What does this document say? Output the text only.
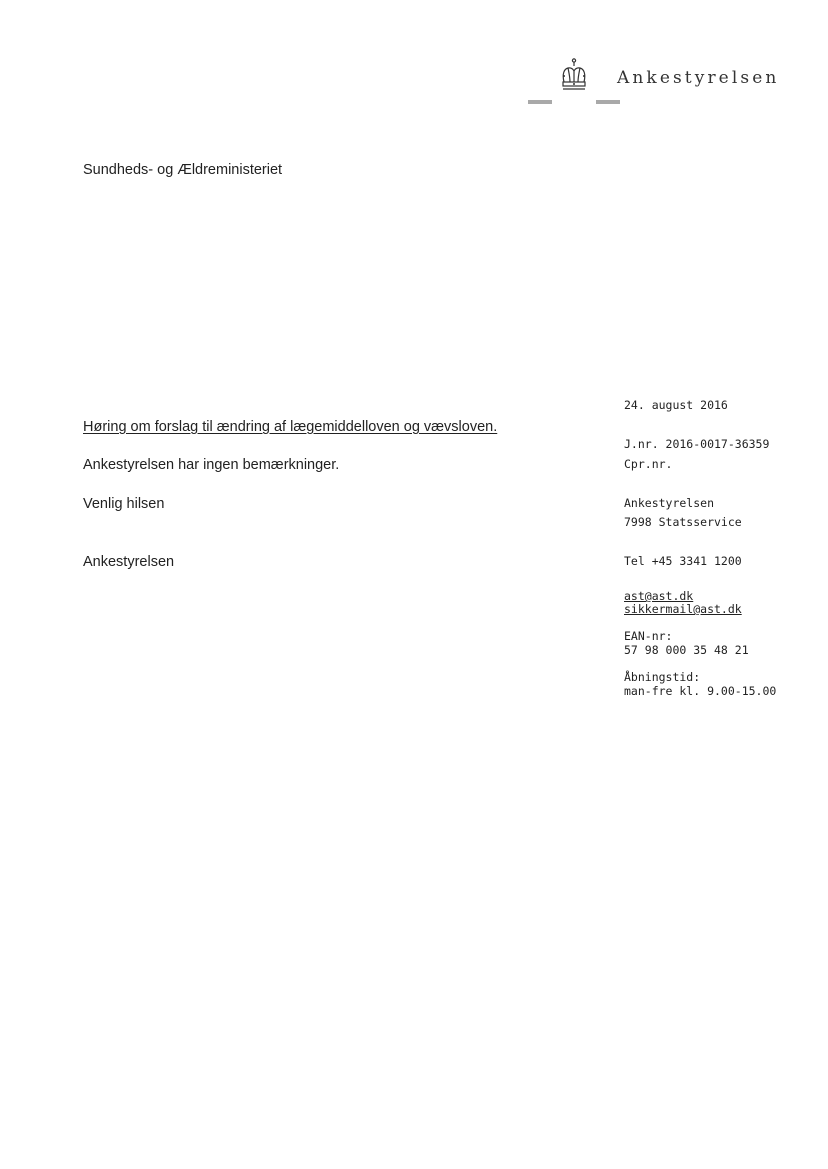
Ankestyrelsen
Sundheds- og Ældreministeriet
Høring om forslag til ændring af lægemiddelloven og vævsloven.
Ankestyrelsen har ingen bemærkninger.
Venlig hilsen
Ankestyrelsen
24. august 2016
J.nr. 2016-0017-36359
Cpr.nr.
Ankestyrelsen
7998 Statsservice
Tel +45 3341 1200
ast@ast.dk
sikkermail@ast.dk
EAN-nr:
57 98 000 35 48 21
Åbningstid:
man-fre kl. 9.00-15.00
